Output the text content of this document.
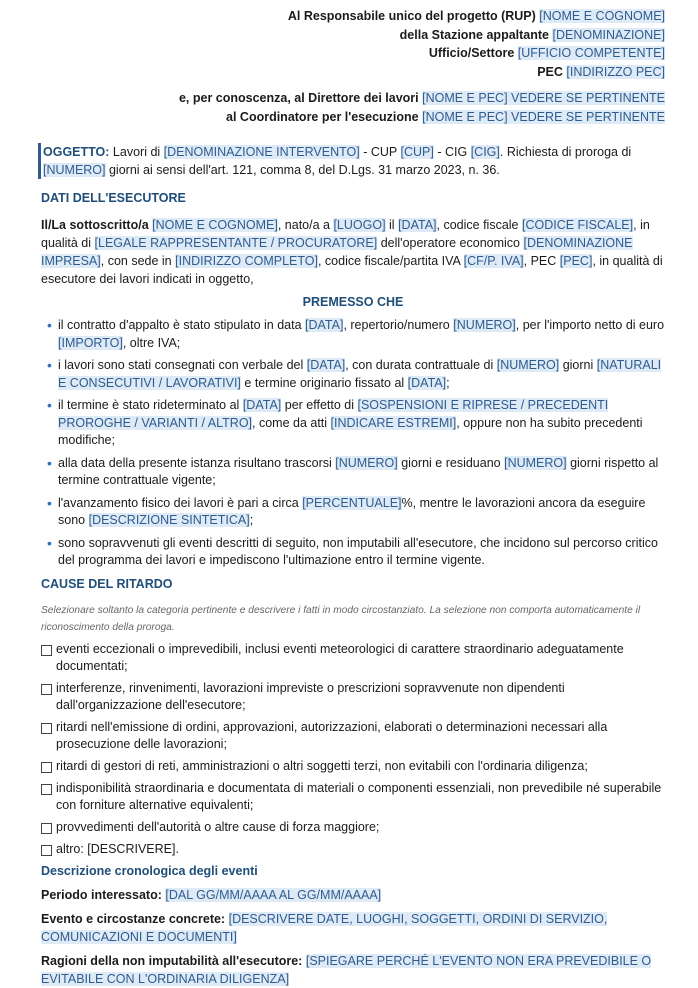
Al Responsabile unico del progetto (RUP) [NOME E COGNOME]
della Stazione appaltante [DENOMINAZIONE]
Ufficio/Settore [UFFICIO COMPETENTE]
PEC [INDIRIZZO PEC]
e, per conoscenza, al Direttore dei lavori [NOME E PEC] VEDERE SE PERTINENTE
al Coordinatore per l'esecuzione [NOME E PEC] VEDERE SE PERTINENTE
OGGETTO: Lavori di [DENOMINAZIONE INTERVENTO] - CUP [CUP] - CIG [CIG]. Richiesta di proroga di [NUMERO] giorni ai sensi dell'art. 121, comma 8, del D.Lgs. 31 marzo 2023, n. 36.
DATI DELL'ESECUTORE
Il/La sottoscritto/a [NOME E COGNOME], nato/a a [LUOGO] il [DATA], codice fiscale [CODICE FISCALE], in qualità di [LEGALE RAPPRESENTANTE / PROCURATORE] dell'operatore economico [DENOMINAZIONE IMPRESA], con sede in [INDIRIZZO COMPLETO], codice fiscale/partita IVA [CF/P. IVA], PEC [PEC], in qualità di esecutore dei lavori indicati in oggetto,
PREMESSO CHE
• il contratto d'appalto è stato stipulato in data [DATA], repertorio/numero [NUMERO], per l'importo netto di euro [IMPORTO], oltre IVA;
• i lavori sono stati consegnati con verbale del [DATA], con durata contrattuale di [NUMERO] giorni [NATURALI E CONSECUTIVI / LAVORATIVI] e termine originario fissato al [DATA];
• il termine è stato rideterminato al [DATA] per effetto di [SOSPENSIONI E RIPRESE / PRECEDENTI PROROGHE / VARIANTI / ALTRO], come da atti [INDICARE ESTREMI], oppure non ha subito precedenti modifiche;
• alla data della presente istanza risultano trascorsi [NUMERO] giorni e residuano [NUMERO] giorni rispetto al termine contrattuale vigente;
• l'avanzamento fisico dei lavori è pari a circa [PERCENTUALE]%, mentre le lavorazioni ancora da eseguire sono [DESCRIZIONE SINTETICA];
• sono sopravvenuti gli eventi descritti di seguito, non imputabili all'esecutore, che incidono sul percorso critico del programma dei lavori e impediscono l'ultimazione entro il termine vigente.
CAUSE DEL RITARDO
Selezionare soltanto la categoria pertinente e descrivere i fatti in modo circostanziato. La selezione non comporta automaticamente il riconoscimento della proroga.
eventi eccezionali o imprevedibili, inclusi eventi meteorologici di carattere straordinario adeguatamente documentati;
interferenze, rinvenimenti, lavorazioni impreviste o prescrizioni sopravvenute non dipendenti dall'organizzazione dell'esecutore;
ritardi nell'emissione di ordini, approvazioni, autorizzazioni, elaborati o determinazioni necessari alla prosecuzione delle lavorazioni;
ritardi di gestori di reti, amministrazioni o altri soggetti terzi, non evitabili con l'ordinaria diligenza;
indisponibilità straordinaria e documentata di materiali o componenti essenziali, non prevedibile né superabile con forniture alternative equivalenti;
provvedimenti dell'autorità o altre cause di forza maggiore;
altro: [DESCRIVERE].
Descrizione cronologica degli eventi
Periodo interessato: [DAL GG/MM/AAAA AL GG/MM/AAAA]
Evento e circostanze concrete: [DESCRIVERE DATE, LUOGHI, SOGGETTI, ORDINI DI SERVIZIO, COMUNICAZIONI E DOCUMENTI]
Ragioni della non imputabilità all'esecutore: [SPIEGARE PERCHÉ L'EVENTO NON ERA PREVEDIBILE O EVITABILE CON L'ORDINARIA DILIGENZA]
